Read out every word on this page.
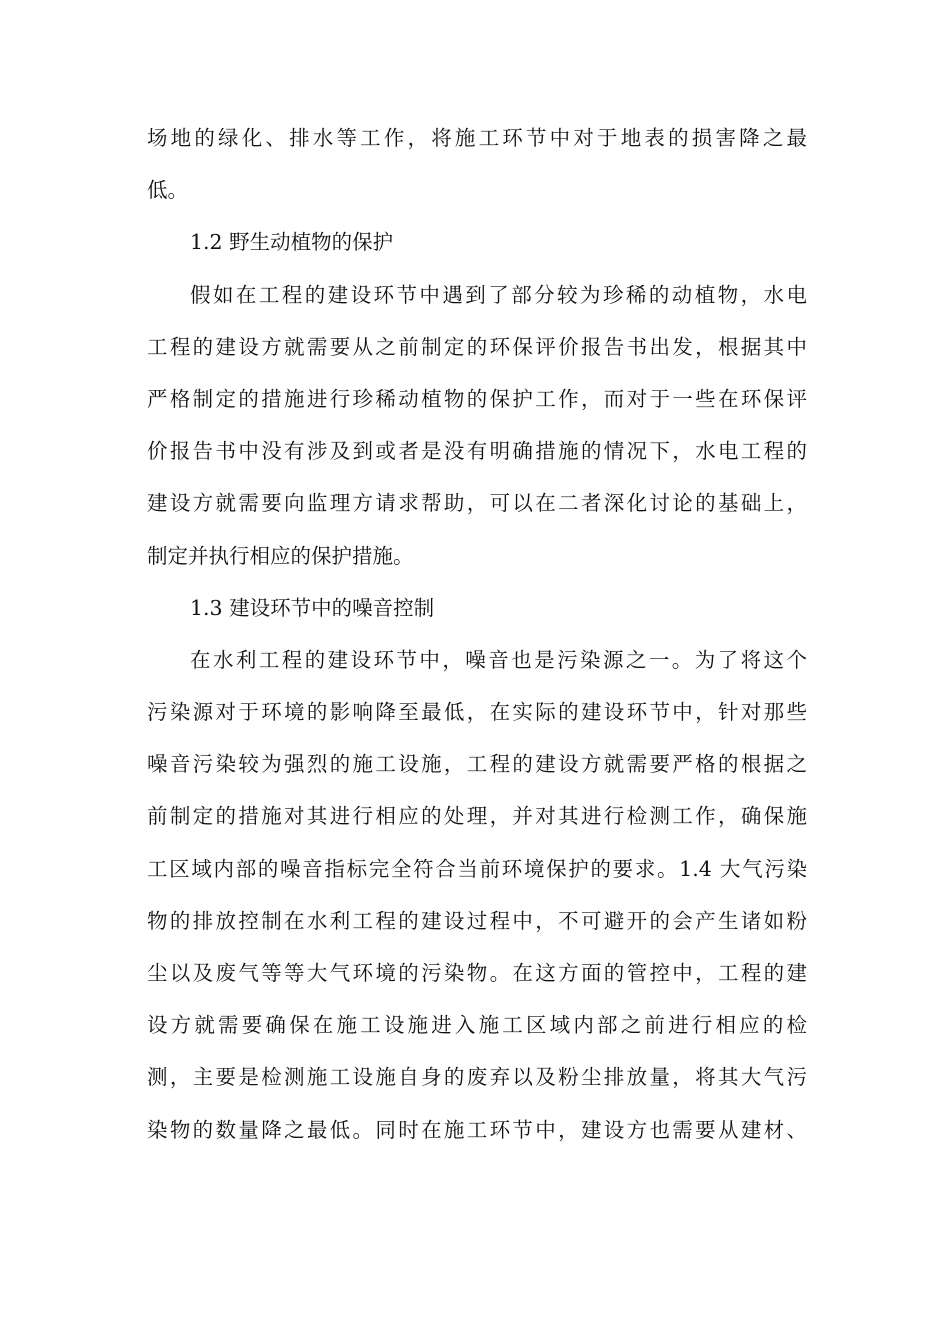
场地的绿化、排水等工作，将施工环节中对于地表的损害降之最
低。
1.2 野生动植物的保护
假如在工程的建设环节中遇到了部分较为珍稀的动植物，水电
工程的建设方就需要从之前制定的环保评价报告书出发，根据其中
严格制定的措施进行珍稀动植物的保护工作，而对于一些在环保评
价报告书中没有涉及到或者是没有明确措施的情况下，水电工程的
建设方就需要向监理方请求帮助，可以在二者深化讨论的基础上，
制定并执行相应的保护措施。
1.3 建设环节中的噪音控制
在水利工程的建设环节中，噪音也是污染源之一。为了将这个
污染源对于环境的影响降至最低，在实际的建设环节中，针对那些
噪音污染较为强烈的施工设施，工程的建设方就需要严格的根据之
前制定的措施对其进行相应的处理，并对其进行检测工作，确保施
工区域内部的噪音指标完全符合当前环境保护的要求。1.4 大气污染
物的排放控制在水利工程的建设过程中，不可避开的会产生诸如粉
尘以及废气等等大气环境的污染物。在这方面的管控中，工程的建
设方就需要确保在施工设施进入施工区域内部之前进行相应的检
测，主要是检测施工设施自身的废弃以及粉尘排放量，将其大气污
染物的数量降之最低。同时在施工环节中，建设方也需要从建材、
